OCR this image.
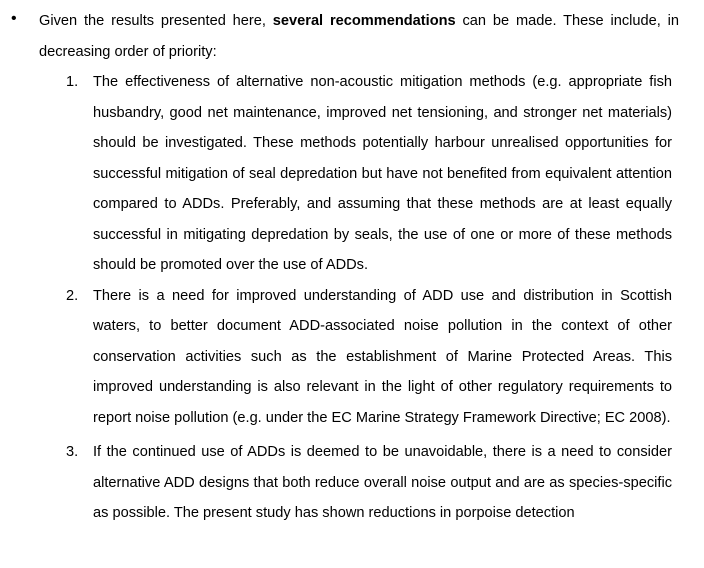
• Given the results presented here, several recommendations can be made. These include, in decreasing order of priority:
1. The effectiveness of alternative non-acoustic mitigation methods (e.g. appropriate fish husbandry, good net maintenance, improved net tensioning, and stronger net materials) should be investigated. These methods potentially harbour unrealised opportunities for successful mitigation of seal depredation but have not benefited from equivalent attention compared to ADDs. Preferably, and assuming that these methods are at least equally successful in mitigating depredation by seals, the use of one or more of these methods should be promoted over the use of ADDs.
2. There is a need for improved understanding of ADD use and distribution in Scottish waters, to better document ADD-associated noise pollution in the context of other conservation activities such as the establishment of Marine Protected Areas. This improved understanding is also relevant in the light of other regulatory requirements to report noise pollution (e.g. under the EC Marine Strategy Framework Directive; EC 2008).
3. If the continued use of ADDs is deemed to be unavoidable, there is a need to consider alternative ADD designs that both reduce overall noise output and are as species-specific as possible. The present study has shown reductions in porpoise detection
